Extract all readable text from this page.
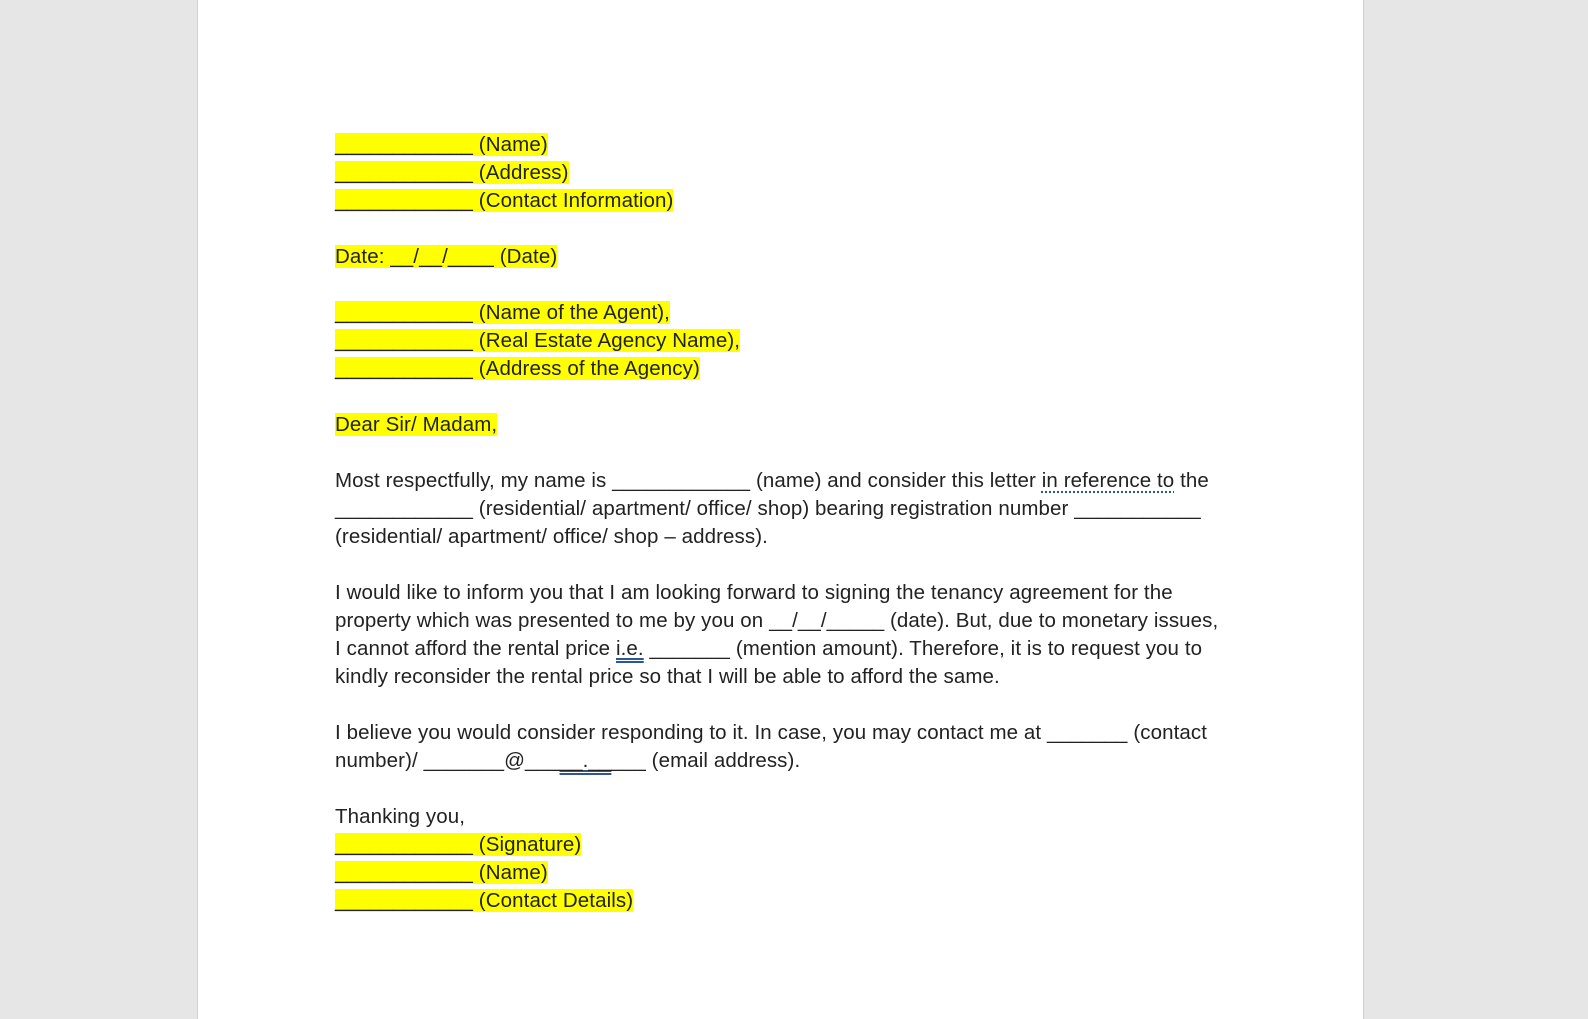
____________ (Name)
____________ (Address)
____________ (Contact Information)
Date: __/__/____ (Date)
____________ (Name of the Agent),
____________ (Real Estate Agency Name),
____________ (Address of the Agency)
Dear Sir/ Madam,
Most respectfully, my name is ____________ (name) and consider this letter in reference to the
____________ (residential/ apartment/ office/ shop) bearing registration number ___________
(residential/ apartment/ office/ shop – address).
I would like to inform you that I am looking forward to signing the tenancy agreement for the
property which was presented to me by you on __/__/_____ (date). But, due to monetary issues,
I cannot afford the rental price i.e. _______ (mention amount). Therefore, it is to request you to
kindly reconsider the rental price so that I will be able to afford the same.
I believe you would consider responding to it. In case, you may contact me at _______ (contact
number)/ _______@_____._____ (email address).
Thanking you,
____________ (Signature)
____________ (Name)
____________ (Contact Details)
